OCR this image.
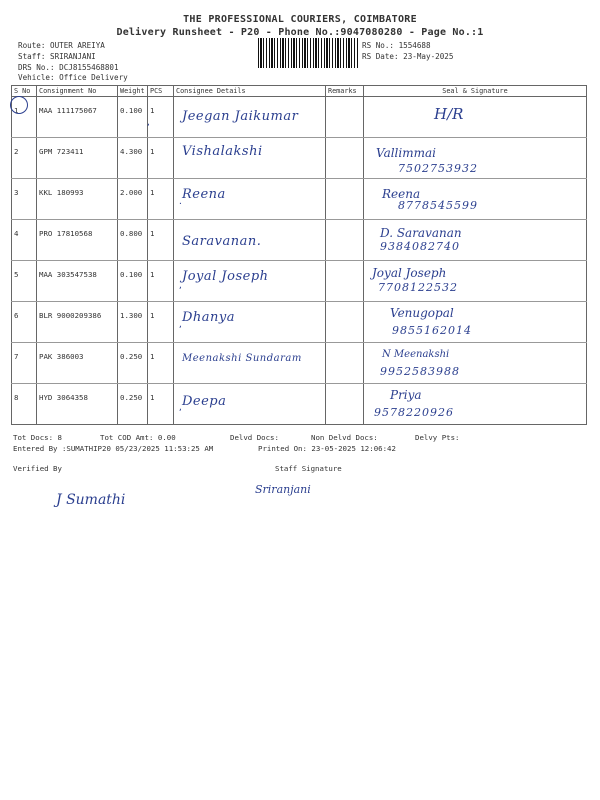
THE PROFESSIONAL COURIERS, COIMBATORE
Delivery Runsheet - P20 - Phone No.:9047080280 - Page No.:1
Route: OUTER AREIYA
Staff: SRIRANJANI
DRS No.: DCJ8155468801
Vehicle: Office Delivery
RS No.: 1554688
RS Date: 23-May-2025
S No	Consignment No	Weight	PCS	Consignee Details	Remarks	Seal & Signature

1	MAA 111175067	0.100	1	Jeegan Jaikumar		H/R

2	GPM 723411	4.300	1	Vishalakshi		Vallimmai
7502753932

3	KKL 180993	2.000	1	Reena		Reena
8778545599

4	PRO 17810568	0.800	1	Saravanan.		D. Saravanan
9384082740

5	MAA 303547538	0.100	1	Joyal Joseph		Joyal Joseph
7708122532

6	BLR 9000209386	1.300	1	Dhanya		Venugopal
9855162014

7	PAK 386003	0.250	1	Meenakshi Sundaram		N Meenakshi
9952583988

8	HYD 3064358	0.250	1	Deepa		Priya
9578220926
,
.
,
,
,
Tot Docs: 8	Tot COD Amt: 0.00	Delvd Docs:	Non Delvd Docs:	Delvy Pts:
Entered By :SUMATHIP20 05/23/2025 11:53:25 AM	Printed On: 23-05-2025 12:06:42
Verified By	Staff Signature
J Sumathi
Sriranjani
